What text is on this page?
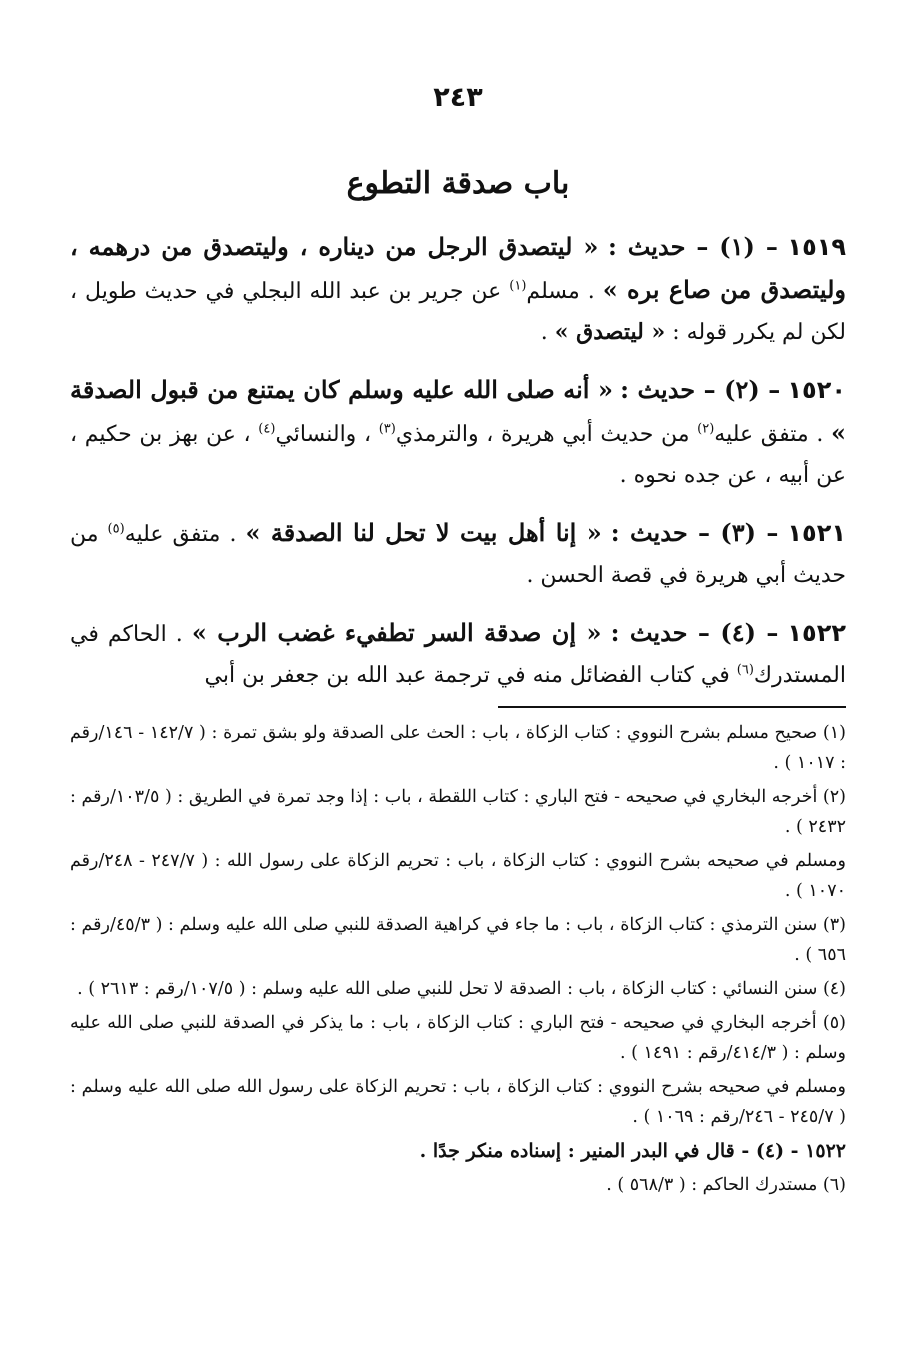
٢٤٣
باب صدقة التطوع

١٥١٩ – (١) – حديث : « ليتصدق الرجل من ديناره ، وليتصدق من درهمه ، وليتصدق من صاع بره » . مسلم$^{(١)}$ عن جرير بن عبد الله البجلي في حديث طويل ، لكن لم يكرر قوله : « ليتصدق » .

١٥٢٠ – (٢) – حديث : « أنه صلى الله عليه وسلم كان يمتنع من قبول الصدقة » . متفق عليه$^{(٢)}$ من حديث أبي هريرة ، والترمذي$^{(٣)}$ ، والنسائي$^{(٤)}$ ، عن بهز بن حكيم ، عن أبيه ، عن جده نحوه .

١٥٢١ – (٣) – حديث : « إنا أهل بيت لا تحل لنا الصدقة » . متفق عليه$^{(٥)}$ من حديث أبي هريرة في قصة الحسن .

١٥٢٢ – (٤) – حديث : « إن صدقة السر تطفيء غضب الرب » . الحاكم في المستدرك$^{(٦)}$ في كتاب الفضائل منه في ترجمة عبد الله بن جعفر بن أبي

(١) صحيح مسلم بشرح النووي : كتاب الزكاة ، باب : الحث على الصدقة ولو بشق تمرة : ( ١٤٢/٧ - ١٤٦/رقم : ١٠١٧ ) .

(٢) أخرجه البخاري في صحيحه - فتح الباري : كتاب اللقطة ، باب : إذا وجد تمرة في الطريق : ( ١٠٣/٥/رقم : ٢٤٣٢ ) .

ومسلم في صحيحه بشرح النووي : كتاب الزكاة ، باب : تحريم الزكاة على رسول الله : ( ٢٤٧/٧ - ٢٤٨/رقم ١٠٧٠ ) .

(٣) سنن الترمذي : كتاب الزكاة ، باب : ما جاء في كراهية الصدقة للنبي صلى الله عليه وسلم : ( ٤٥/٣/رقم : ٦٥٦ ) .

(٤) سنن النسائي : كتاب الزكاة ، باب : الصدقة لا تحل للنبي صلى الله عليه وسلم : ( ١٠٧/٥/رقم : ٢٦١٣ ) .

(٥) أخرجه البخاري في صحيحه - فتح الباري : كتاب الزكاة ، باب : ما يذكر في الصدقة للنبي صلى الله عليه وسلم : ( ٤١٤/٣/رقم : ١٤٩١ ) .

ومسلم في صحيحه بشرح النووي : كتاب الزكاة ، باب : تحريم الزكاة على رسول الله صلى الله عليه وسلم : ( ٢٤٥/٧ - ٢٤٦/رقم : ١٠٦٩ ) .

١٥٢٢ - (٤) - قال في البدر المنير : إسناده منكر جدًا .

(٦) مستدرك الحاكم : ( ٥٦٨/٣ ) .
